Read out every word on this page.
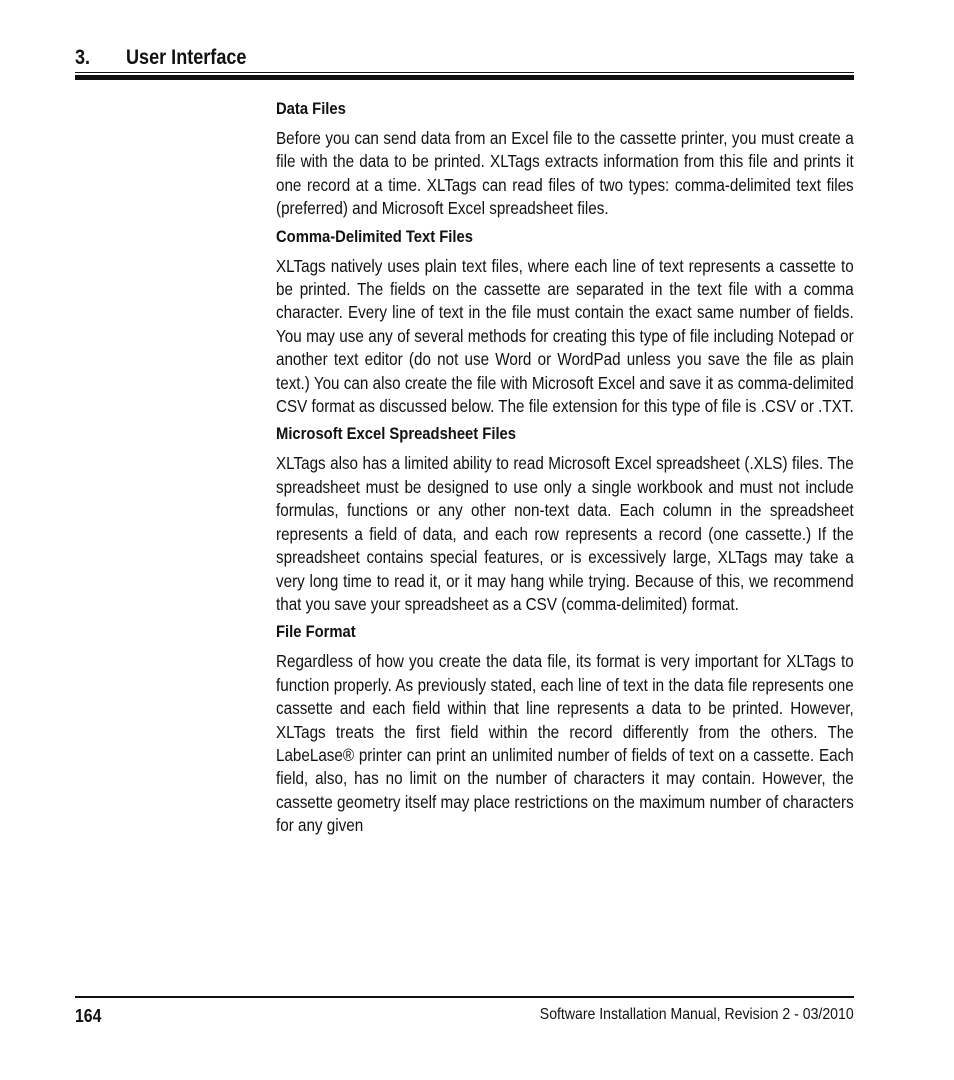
3. User Interface
Data Files

Before you can send data from an Excel file to the cassette printer, you must create a file with the data to be printed. XLTags extracts information from this file and prints it one record at a time. XLTags can read files of two types: comma-delimited text files (preferred) and Microsoft Excel spreadsheet files.

Comma-Delimited Text Files

XLTags natively uses plain text files, where each line of text represents a cassette to be printed. The fields on the cassette are separated in the text file with a comma character. Every line of text in the file must contain the exact same number of fields. You may use any of several methods for creating this type of file including Notepad or another text editor (do not use Word or WordPad unless you save the file as plain text.) You can also create the file with Microsoft Excel and save it as comma-delimited CSV format as discussed below. The file extension for this type of file is .CSV or .TXT.

Microsoft Excel Spreadsheet Files

XLTags also has a limited ability to read Microsoft Excel spreadsheet (.XLS) files. The spreadsheet must be designed to use only a single workbook and must not include formulas, functions or any other non-text data. Each column in the spreadsheet represents a field of data, and each row represents a record (one cassette.) If the spreadsheet contains special features, or is excessively large, XLTags may take a very long time to read it, or it may hang while trying. Because of this, we recommend that you save your spreadsheet as a CSV (comma-delimited) format.

File Format

Regardless of how you create the data file, its format is very important for XLTags to function properly. As previously stated, each line of text in the data file represents one cassette and each field within that line represents a data to be printed. However, XLTags treats the first field within the record differently from the others. The LabeLase® printer can print an unlimited number of fields of text on a cassette. Each field, also, has no limit on the number of characters it may contain. However, the cassette geometry itself may place restrictions on the maximum number of characters for any given

164	Software Installation Manual, Revision 2 - 03/2010
